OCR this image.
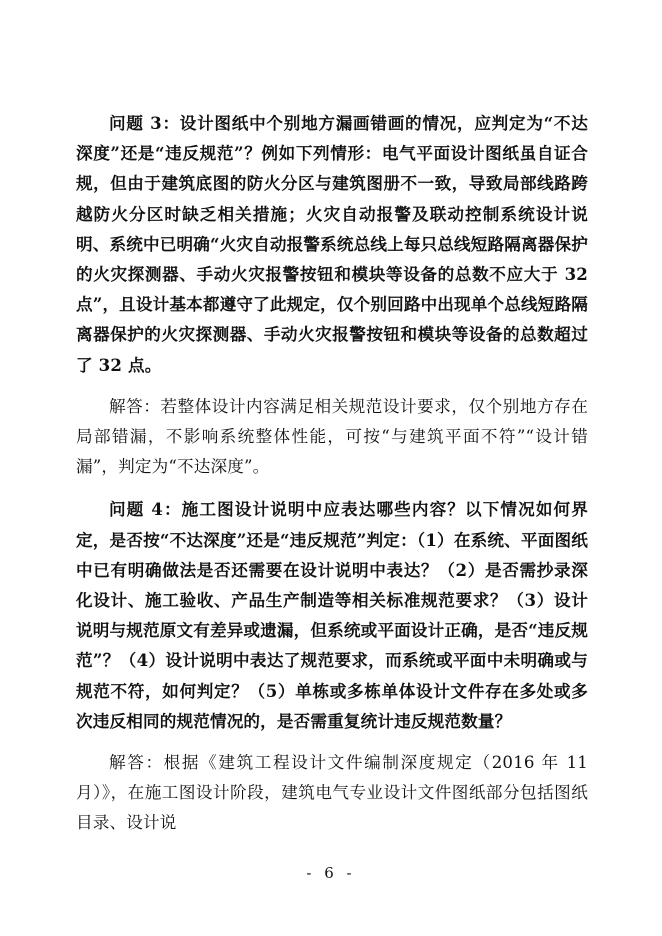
问题 3：设计图纸中个别地方漏画错画的情况，应判定为“不达深度”还是“违反规范”？例如下列情形：电气平面设计图纸虽自证合规，但由于建筑底图的防火分区与建筑图册不一致，导致局部线路跨越防火分区时缺乏相关措施；火灾自动报警及联动控制系统设计说明、系统中已明确“火灾自动报警系统总线上每只总线短路隔离器保护的火灾探测器、手动火灾报警按钮和模块等设备的总数不应大于 32 点”，且设计基本都遵守了此规定，仅个别回路中出现单个总线短路隔离器保护的火灾探测器、手动火灾报警按钮和模块等设备的总数超过了 32 点。

解答：若整体设计内容满足相关规范设计要求，仅个别地方存在局部错漏，不影响系统整体性能，可按“与建筑平面不符”“设计错漏”，判定为“不达深度”。

问题 4：施工图设计说明中应表达哪些内容？以下情况如何界定，是否按“不达深度”还是“违反规范”判定：（1）在系统、平面图纸中已有明确做法是否还需要在设计说明中表达？（2）是否需抄录深化设计、施工验收、产品生产制造等相关标准规范要求？（3）设计说明与规范原文有差异或遗漏，但系统或平面设计正确，是否“违反规范”？（4）设计说明中表达了规范要求，而系统或平面中未明确或与规范不符，如何判定？（5）单栋或多栋单体设计文件存在多处或多次违反相同的规范情况的，是否需重复统计违反规范数量？

解答：根据《建筑工程设计文件编制深度规定（2016 年 11 月）》，在施工图设计阶段，建筑电气专业设计文件图纸部分包括图纸目录、设计说

- 6 -
